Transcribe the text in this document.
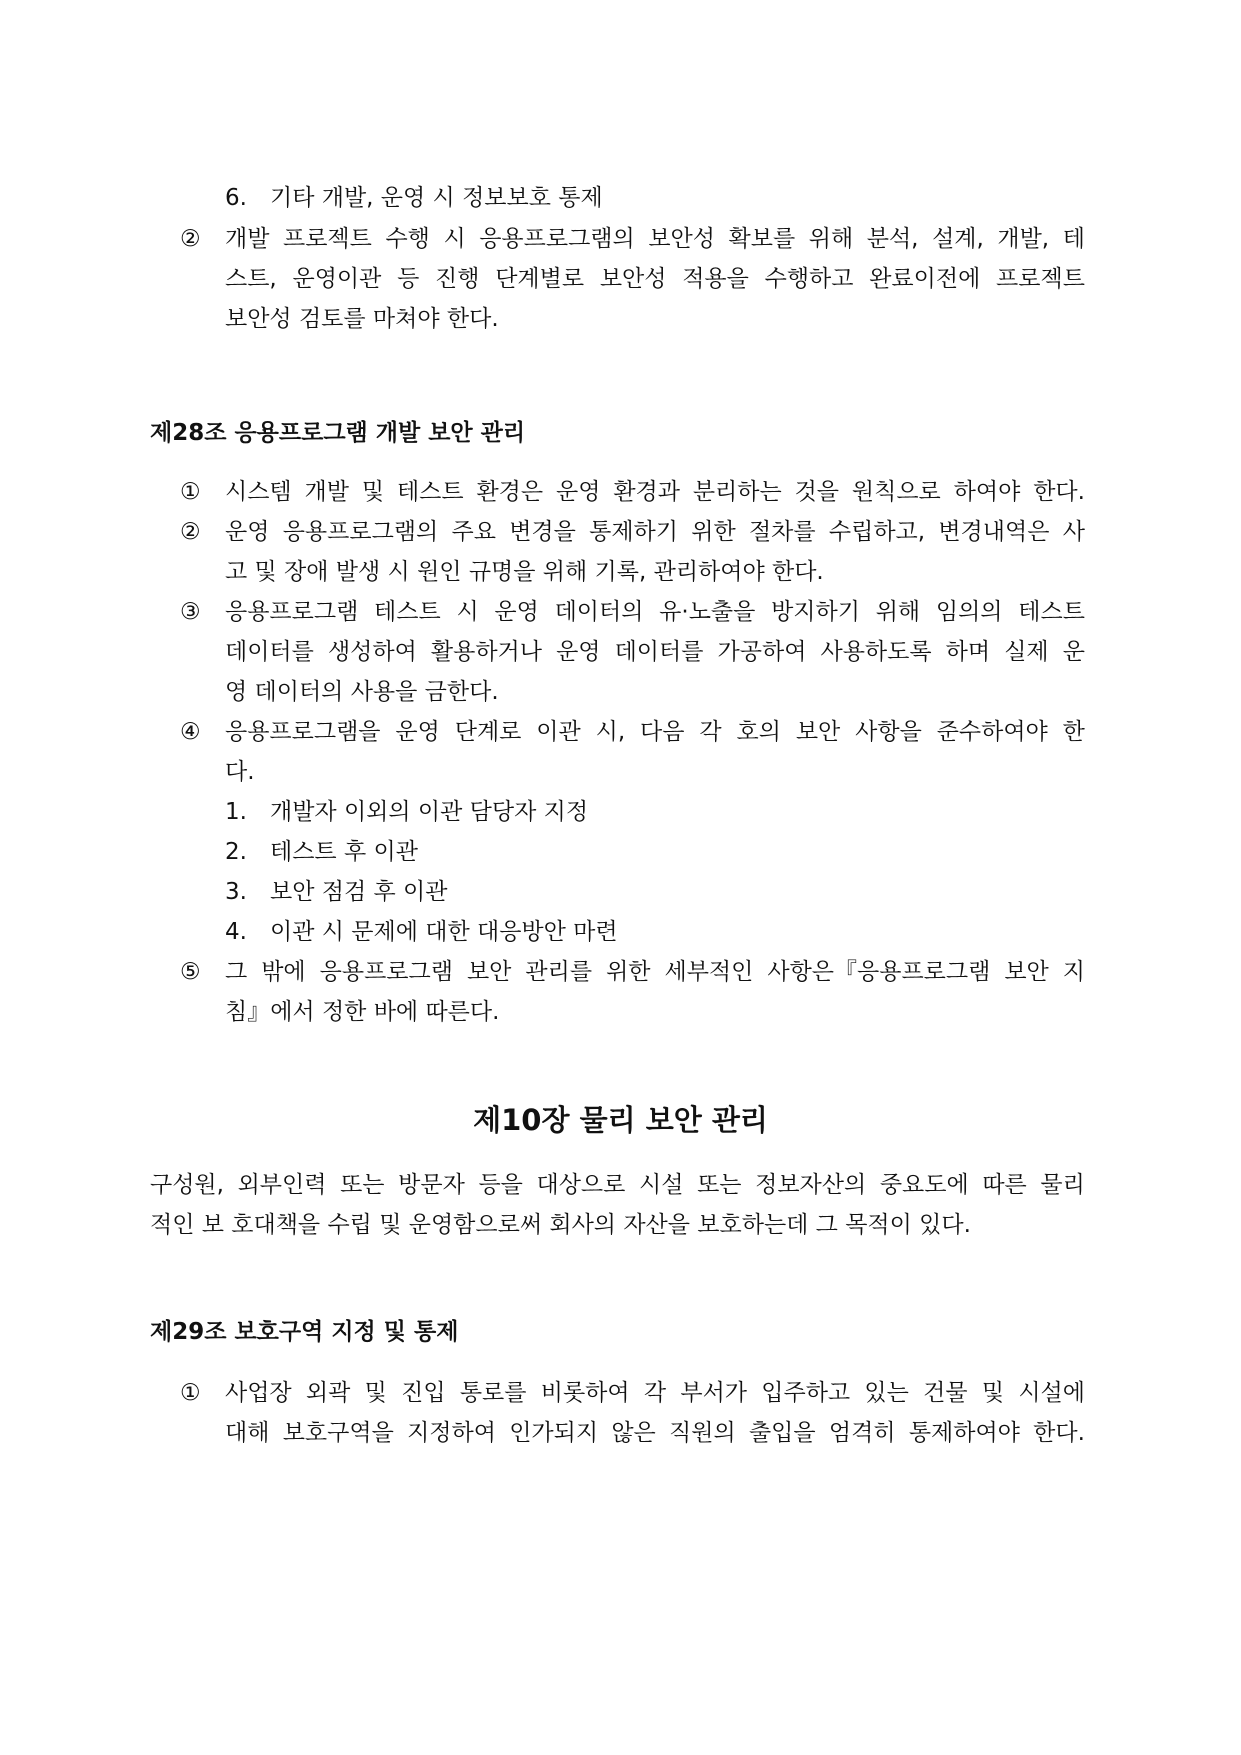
6. 기타 개발, 운영 시 정보보호 통제
② 개발 프로젝트 수행 시 응용프로그램의 보안성 확보를 위해 분석, 설계, 개발, 테
스트, 운영이관 등 진행 단계별로 보안성 적용을 수행하고 완료이전에 프로젝트
보안성 검토를 마쳐야 한다.
제28조 응용프로그램 개발 보안 관리
① 시스템 개발 및 테스트 환경은 운영 환경과 분리하는 것을 원칙으로 하여야 한다.
② 운영 응용프로그램의 주요 변경을 통제하기 위한 절차를 수립하고, 변경내역은 사
고 및 장애 발생 시 원인 규명을 위해 기록, 관리하여야 한다.
③ 응용프로그램 테스트 시 운영 데이터의 유·노출을 방지하기 위해 임의의 테스트
데이터를 생성하여 활용하거나 운영 데이터를 가공하여 사용하도록 하며 실제 운
영 데이터의 사용을 금한다.
④ 응용프로그램을 운영 단계로 이관 시, 다음 각 호의 보안 사항을 준수하여야 한
다.
1. 개발자 이외의 이관 담당자 지정
2. 테스트 후 이관
3. 보안 점검 후 이관
4. 이관 시 문제에 대한 대응방안 마련
⑤ 그 밖에 응용프로그램 보안 관리를 위한 세부적인 사항은『응용프로그램 보안 지
침』에서 정한 바에 따른다.
제10장 물리 보안 관리
구성원, 외부인력 또는 방문자 등을 대상으로 시설 또는 정보자산의 중요도에 따른 물리
적인 보 호대책을 수립 및 운영함으로써 회사의 자산을 보호하는데 그 목적이 있다.
제29조 보호구역 지정 및 통제
① 사업장 외곽 및 진입 통로를 비롯하여 각 부서가 입주하고 있는 건물 및 시설에
대해 보호구역을 지정하여 인가되지 않은 직원의 출입을 엄격히 통제하여야 한다.
